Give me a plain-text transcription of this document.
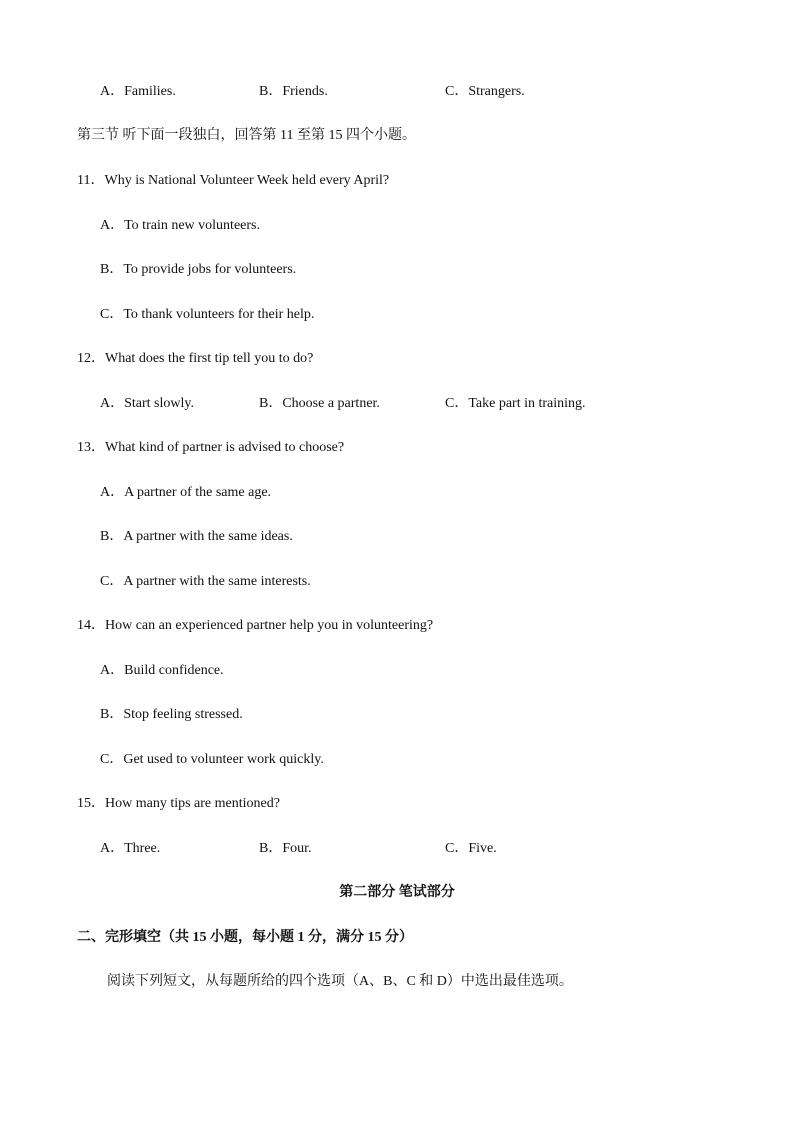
A．Families.	B．Friends.	C．Strangers.
第三节 听下面一段独白，回答第 11 至第 15 四个小题。
11．Why is National Volunteer Week held every April?
A．To train new volunteers.
B．To provide jobs for volunteers.
C．To thank volunteers for their help.
12．What does the first tip tell you to do?
A．Start slowly.	B．Choose a partner.	C．Take part in training.
13．What kind of partner is advised to choose?
A．A partner of the same age.
B．A partner with the same ideas.
C．A partner with the same interests.
14．How can an experienced partner help you in volunteering?
A．Build confidence.
B．Stop feeling stressed.
C．Get used to volunteer work quickly.
15．How many tips are mentioned?
A．Three.	B．Four.	C．Five.
第二部分 笔试部分
二、完形填空（共 15 小题，每小题 1 分，满分 15 分）
阅读下列短文，从每题所给的四个选项（A、B、C 和 D）中选出最佳选项。
